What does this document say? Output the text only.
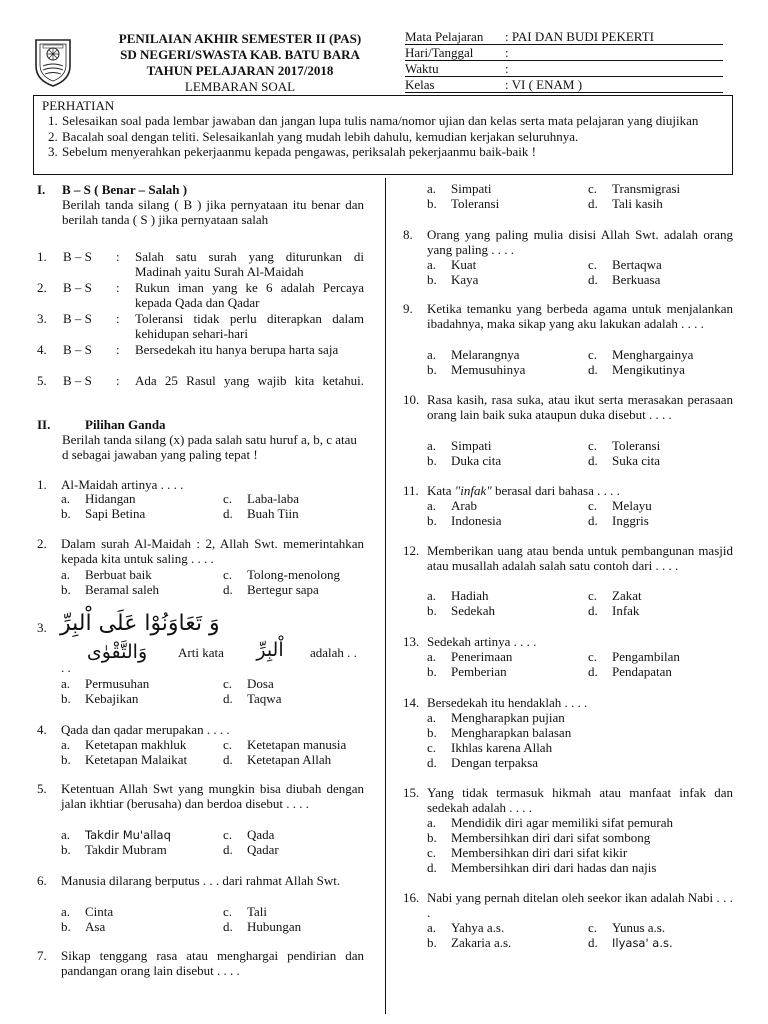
PENILAIAN AKHIR SEMESTER II (PAS)
SD NEGERI/SWASTA KAB. BATU BARA
TAHUN PELAJARAN 2017/2018
LEMBARAN SOAL
Mata Pelajaran : PAI DAN BUDI PEKERTI
Hari/Tanggal :
Waktu	:
Kelas	: VI ( ENAM )
PERHATIAN
1. Selesaikan soal pada lembar jawaban dan jangan lupa tulis nama/nomor ujian dan kelas serta mata pelajaran yang diujikan
2. Bacalah soal dengan teliti. Selesaikanlah yang mudah lebih dahulu, kemudian kerjakan seluruhnya.
3. Sebelum menyerahkan pekerjaanmu kepada pengawas, periksalah pekerjaanmu baik-baik !
I. B – S ( Benar – Salah )
Berilah tanda silang ( B ) jika pernyataan itu benar dan berilah tanda ( S ) jika pernyataan salah
1. B – S : Salah satu surah yang diturunkan di Madinah yaitu Surah Al-Maidah
2. B – S : Rukun iman yang ke 6 adalah Percaya kepada Qada dan Qadar
3. B – S : Toleransi tidak perlu diterapkan dalam kehidupan sehari-hari
4. B – S : Bersedekah itu hanya berupa harta saja
5. B – S : Ada 25 Rasul yang wajib kita ketahui.
II.	Pilihan Ganda
Berilah tanda silang (x) pada salah satu huruf a, b, c atau d sebagai jawaban yang paling tepat !
1. Al-Maidah artinya . . . .
a. Hidangan	c. Laba-laba
b. Sapi Betina	d. Buah Tiin
2. Dalam surah Al-Maidah : 2, Allah Swt. memerintahkan kepada kita untuk saling . . . .
a. Berbuat baik	c. Tolong-menolong
b. Beramal saleh	d. Bertegur sapa
3. وَ تَعَاوَنُوْا عَلَى اْلبِرِّ
وَالتَّقْوٰى	Arti kata	اْلبِرِّ	adalah . .
. .
a. Permusuhan	c. Dosa
b. Kebajikan	d. Taqwa
4. Qada dan qadar merupakan . . . .
a. Ketetapan makhluk	c. Ketetapan manusia
b. Ketetapan Malaikat	d. Ketetapan Allah
5. Ketentuan Allah Swt yang mungkin bisa diubah dengan jalan ikhtiar (berusaha) dan berdoa disebut . . . .
a. Takdir Mu'allaq	c. Qada
b. Takdir Mubram	d. Qadar
6. Manusia dilarang berputus . . . dari rahmat Allah Swt.
a. Cinta	c. Tali
b. Asa	d. Hubungan
7. Sikap tenggang rasa atau menghargai pendirian dan pandangan orang lain disebut . . . .
a. Simpati	c. Transmigrasi
b. Toleransi	d. Tali kasih
8. Orang yang paling mulia disisi Allah Swt. adalah orang yang paling . . . .
a. Kuat	c. Bertaqwa
b. Kaya	d. Berkuasa
9. Ketika temanku yang berbeda agama untuk menjalankan ibadahnya, maka sikap yang aku lakukan adalah . . . .
a. Melarangnya	c. Menghargainya
b. Memusuhinya	d. Mengikutinya
10. Rasa kasih, rasa suka, atau ikut serta merasakan perasaan orang lain baik suka ataupun duka disebut . . . .
a. Simpati	c. Toleransi
b. Duka cita	d. Suka cita
11. Kata "infak" berasal dari bahasa . . . .
a. Arab	c. Melayu
b. Indonesia	d. Inggris
12. Memberikan uang atau benda untuk pembangunan masjid atau musallah adalah salah satu contoh dari . . . .
a. Hadiah	c. Zakat
b. Sedekah	d. Infak
13. Sedekah artinya . . . .
a. Penerimaan	c. Pengambilan
b. Pemberian	d. Pendapatan
14. Bersedekah itu hendaklah . . . .
a. Mengharapkan pujian
b. Mengharapkan balasan
c. Ikhlas karena Allah
d. Dengan terpaksa
15. Yang tidak termasuk hikmah atau manfaat infak dan sedekah adalah . . . .
a. Mendidik diri agar memiliki sifat pemurah
b. Membersihkan diri dari sifat sombong
c. Membersihkan diri dari sifat kikir
d. Membersihkan diri dari hadas dan najis
16. Nabi yang pernah ditelan oleh seekor ikan adalah Nabi . . . .
a. Yahya a.s.	c. Yunus a.s.
b. Zakaria a.s.	d. Ilyasa' a.s.
